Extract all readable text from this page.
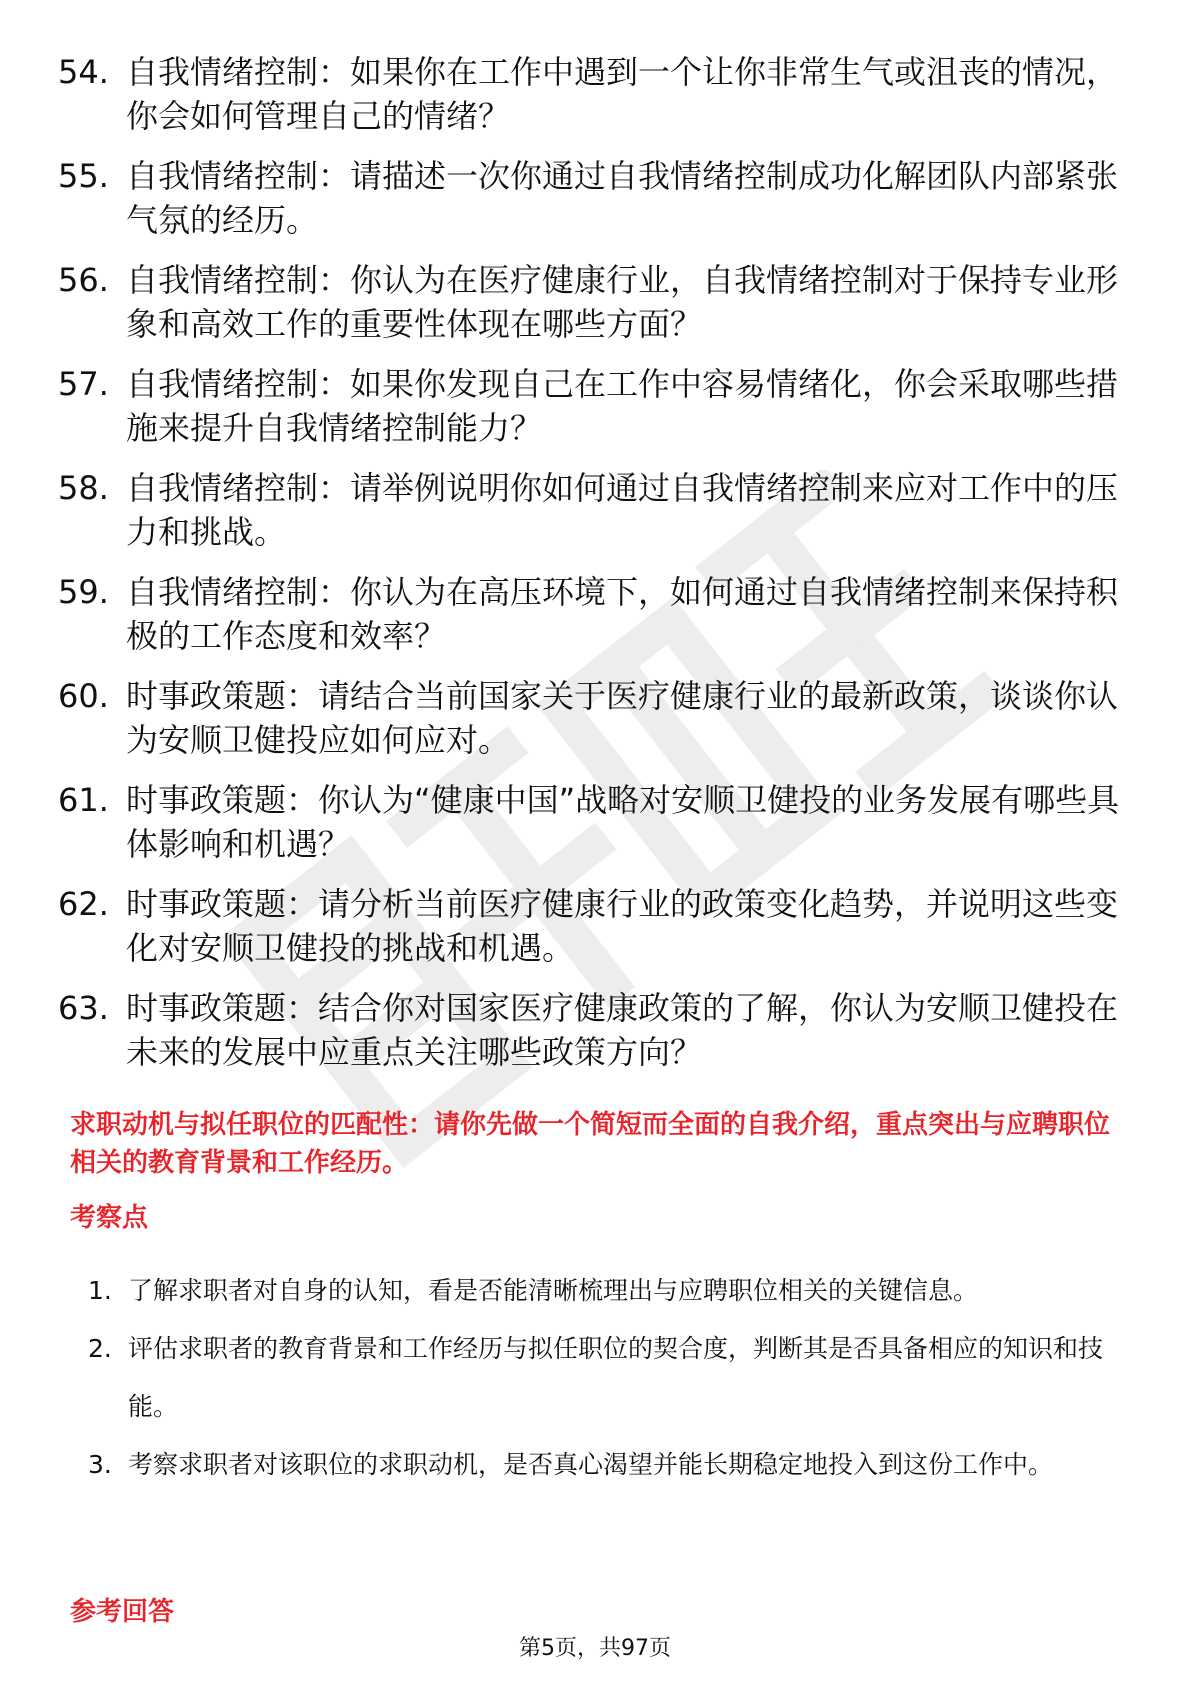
54. 自我情绪控制：如果你在工作中遇到一个让你非常生气或沮丧的情况，你会如何管理自己的情绪？
55. 自我情绪控制：请描述一次你通过自我情绪控制成功化解团队内部紧张气氛的经历。
56. 自我情绪控制：你认为在医疗健康行业，自我情绪控制对于保持专业形象和高效工作的重要性体现在哪些方面？
57. 自我情绪控制：如果你发现自己在工作中容易情绪化，你会采取哪些措施来提升自我情绪控制能力？
58. 自我情绪控制：请举例说明你如何通过自我情绪控制来应对工作中的压力和挑战。
59. 自我情绪控制：你认为在高压环境下，如何通过自我情绪控制来保持积极的工作态度和效率？
60. 时事政策题：请结合当前国家关于医疗健康行业的最新政策，谈谈你认为安顺卫健投应如何应对。
61. 时事政策题：你认为“健康中国”战略对安顺卫健投的业务发展有哪些具体影响和机遇？
62. 时事政策题：请分析当前医疗健康行业的政策变化趋势，并说明这些变化对安顺卫健投的挑战和机遇。
63. 时事政策题：结合你对国家医疗健康政策的了解，你认为安顺卫健投在未来的发展中应重点关注哪些政策方向？

求职动机与拟任职位的匹配性：请你先做一个简短而全面的自我介绍，重点突出与应聘职位相关的教育背景和工作经历。

考察点
1. 了解求职者对自身的认知，看是否能清晰梳理出与应聘职位相关的关键信息。
2. 评估求职者的教育背景和工作经历与拟任职位的契合度，判断其是否具备相应的知识和技能。
3. 考察求职者对该职位的求职动机，是否真心渴望并能长期稳定地投入到这份工作中。
参考回答
第5页，共97页
